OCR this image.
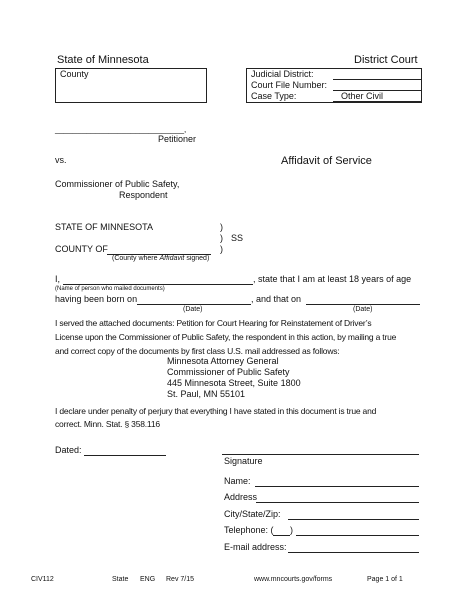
State of Minnesota	District Court
County	Judicial District:
Court File Number:
Case Type:	Other Civil
_____________________________,
Petitioner
vs.	Affidavit of Service
Commissioner of Public Safety,
Respondent
STATE OF MINNESOTA	)
) SS
)
COUNTY OF
(County where Affidavit signed)
I,	, state that I am at least 18 years of age
(Name of person who mailed documents)
having been born on	, and that on
(Date)	(Date)
I served the attached documents: Petition for Court Hearing for Reinstatement of Driver’s
License upon the Commissioner of Public Safety, the respondent in this action, by mailing a true
and correct copy of the documents by first class U.S. mail addressed as follows:
Minnesota Attorney General
Commissioner of Public Safety
445 Minnesota Street, Suite 1800
St. Paul, MN 55101
I declare under penalty of perjury that everything I have stated in this document is true and
correct. Minn. Stat. § 358.116
Dated:
Signature
Name:
Address
City/State/Zip:
Telephone: ( )
E-mail address:
CIV112	State ENG Rev 7/15	www.mncourts.gov/forms	Page 1 of 1
